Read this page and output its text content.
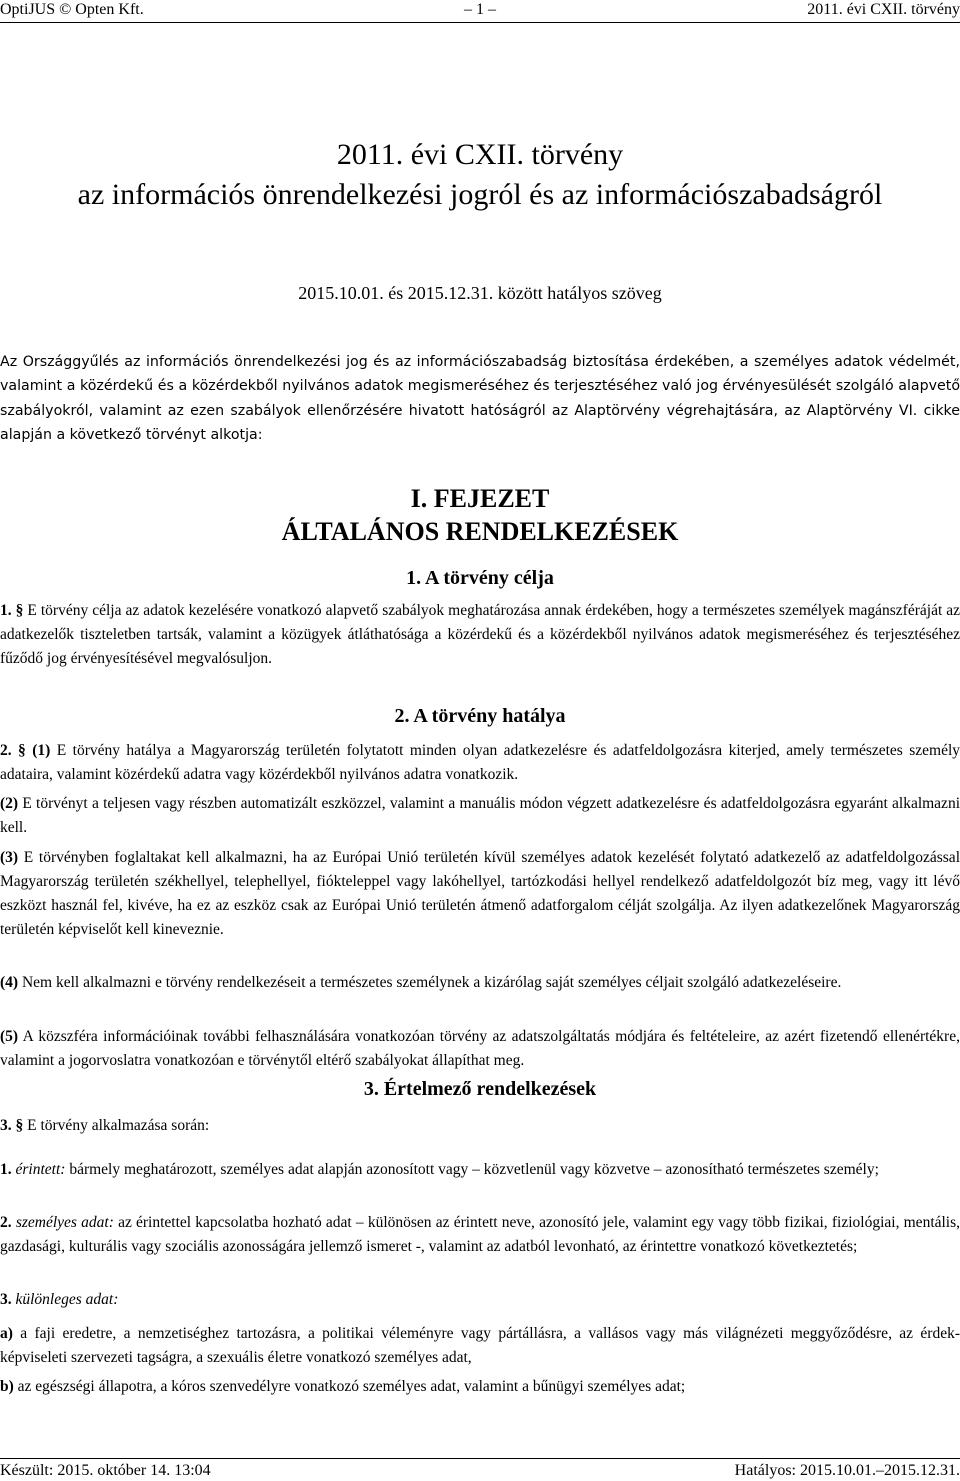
OptiJUS © Opten Kft.	– 1 –	2011. évi CXII. törvény
2011. évi CXII. törvény
az információs önrendelkezési jogról és az információszabadságról
2015.10.01. és 2015.12.31. között hatályos szöveg
Az Országgyűlés az információs önrendelkezési jog és az információszabadság biztosítása érdekében, a személyes adatok védelmét, valamint a közérdekű és a közérdekből nyilvános adatok megismeréséhez és terjesztéséhez való jog érvényesülését szolgáló alapvető szabályokról, valamint az ezen szabályok ellenőrzésére hivatott hatóságról az Alaptörvény végrehajtására, az Alaptörvény VI. cikke alapján a következő törvényt alkotja:
I. FEJEZET
ÁLTALÁNOS RENDELKEZÉSEK
1. A törvény célja
1. § E törvény célja az adatok kezelésére vonatkozó alapvető szabályok meghatározása annak érdekében, hogy a természetes személyek magánszféráját az adatkezelők tiszteletben tartsák, valamint a közügyek átláthatósága a közérdekű és a közérdekből nyilvános adatok megismeréséhez és terjesztéséhez fűződő jog érvényesítésével megvalósuljon.
2. A törvény hatálya
2. § (1) E törvény hatálya a Magyarország területén folytatott minden olyan adatkezelésre és adatfeldolgozásra kiterjed, amely természetes személy adataira, valamint közérdekű adatra vagy közérdekből nyilvános adatra vonatkozik.
(2) E törvényt a teljesen vagy részben automatizált eszközzel, valamint a manuális módon végzett adatkezelésre és adatfeldolgozásra egyaránt alkalmazni kell.
(3) E törvényben foglaltakat kell alkalmazni, ha az Európai Unió területén kívül személyes adatok kezelését folytató adatkezelő az adatfeldolgozással Magyarország területén székhellyel, telephellyel, fiókteleppel vagy lakóhellyel, tartózkodási hellyel rendelkező adatfeldolgozót bíz meg, vagy itt lévő eszközt használ fel, kivéve, ha ez az eszköz csak az Európai Unió területén átmenő adatforgalom célját szolgálja. Az ilyen adatkezelőnek Magyarország területén képviselőt kell kineveznie.
(4) Nem kell alkalmazni e törvény rendelkezéseit a természetes személynek a kizárólag saját személyes céljait szolgáló adatkezeléseire.
(5) A közszféra információinak további felhasználására vonatkozóan törvény az adatszolgáltatás módjára és feltételeire, az azért fizetendő ellenértékre, valamint a jogorvoslatra vonatkozóan e törvénytől eltérő szabályokat állapíthat meg.
3. Értelmező rendelkezések
3. § E törvény alkalmazása során:
1. érintett: bármely meghatározott, személyes adat alapján azonosított vagy – közvetlenül vagy közvetve – azonosítható természetes személy;
2. személyes adat: az érintettel kapcsolatba hozható adat – különösen az érintett neve, azonosító jele, valamint egy vagy több fizikai, fiziológiai, mentális, gazdasági, kulturális vagy szociális azonosságára jellemző ismeret -, valamint az adatból levonható, az érintettre vonatkozó következtetés;
3. különleges adat:
a) a faji eredetre, a nemzetiséghez tartozásra, a politikai véleményre vagy pártállásra, a vallásos vagy más világnézeti meggyőződésre, az érdek-képviseleti szervezeti tagságra, a szexuális életre vonatkozó személyes adat,
b) az egészségi állapotra, a kóros szenvedélyre vonatkozó személyes adat, valamint a bűnügyi személyes adat;
Készült: 2015. október 14. 13:04	Hatályos: 2015.10.01.–2015.12.31.
